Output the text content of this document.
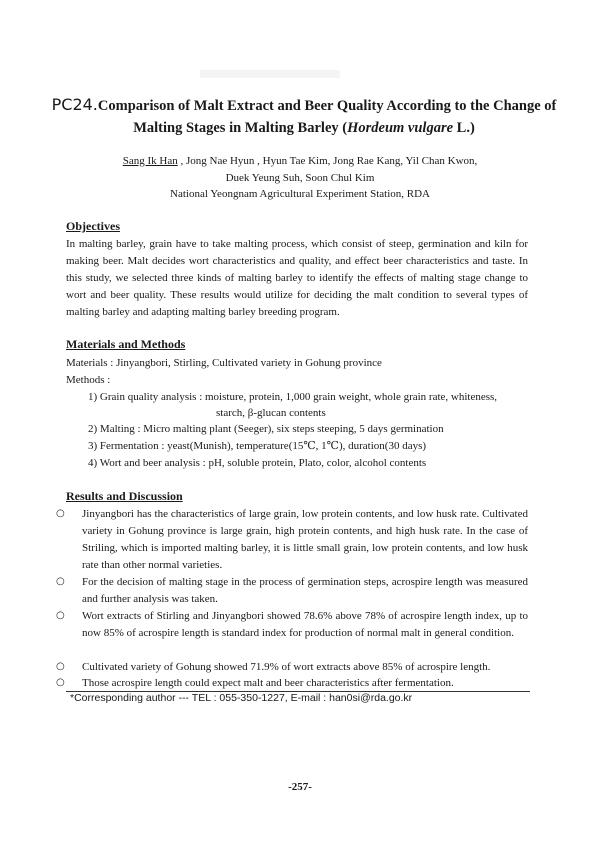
PC24.Comparison of Malt Extract and Beer Quality According to the Change of
Malting Stages in Malting Barley (Hordeum vulgare L.)
Sang Ik Han , Jong Nae Hyun , Hyun Tae Kim, Jong Rae Kang, Yil Chan Kwon,
Duek Yeung Suh, Soon Chul Kim
National Yeongnam Agricultural Experiment Station, RDA
Objectives
In malting barley, grain have to take malting process, which consist of steep, germination and kiln for making beer. Malt decides wort characteristics and quality, and effect beer characteristics and taste. In this study, we selected three kinds of malting barley to identify the effects of malting stage change to wort and beer quality. These results would utilize for deciding the malt condition to several types of malting barley and adapting malting barley breeding program.
Materials and Methods
Materials : Jinyangbori, Stirling, Cultivated variety in Gohung province
Methods :
1) Grain quality analysis : moisture, protein, 1,000 grain weight, whole grain rate, whiteness,
starch, β-glucan contents
2) Malting : Micro malting plant (Seeger), six steps steeping, 5 days germination
3) Fermentation : yeast(Munish), temperature(15℃, 1℃), duration(30 days)
4) Wort and beer analysis : pH, soluble protein, Plato, color, alcohol contents
Results and Discussion
○ Jinyangbori has the characteristics of large grain, low protein contents, and low husk rate. Cultivated variety in Gohung province is large grain, high protein contents, and high husk rate. In the case of Striling, which is imported malting barley, it is little small grain, low protein contents, and low husk rate than other normal varieties.
○ For the decision of malting stage in the process of germination steps, acrospire length was measured and further analysis was taken.
○ Wort extracts of Stirling and Jinyangbori showed 78.6% above 78% of acrospire length index, up to now 85% of acrospire length is standard index for production of normal malt in general condition.
○ Cultivated variety of Gohung showed 71.9% of wort extracts above 85% of acrospire length.
○ Those acrospire length could expect malt and beer characteristics after fermentation.
*Corresponding author --- TEL : 055-350-1227, E-mail : han0si@rda.go.kr
-257-
